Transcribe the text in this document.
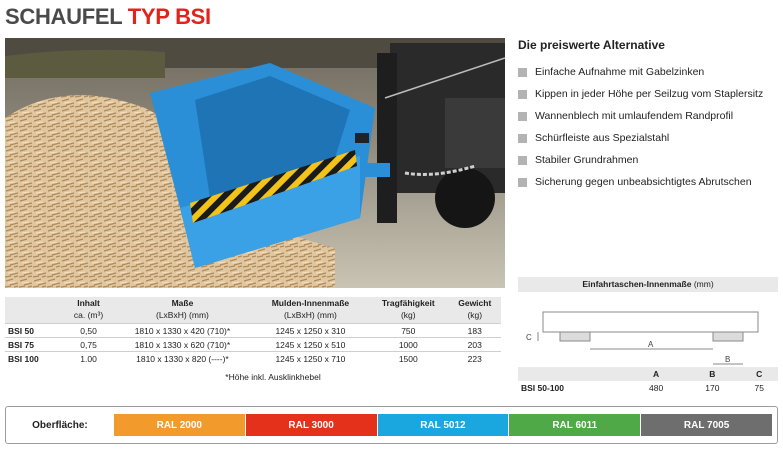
SCHAUFEL TYP BSI
Die preiswerte Alternative
Einfache Aufnahme mit Gabelzinken
Kippen in jeder Höhe per Seilzug vom Staplersitz
Wannenblech mit umlaufendem Randprofil
Schürfleiste aus Spezialstahl
Stabiler Grundrahmen
Sicherung gegen unbeabsichtigtes Abrutschen
	Inhalt	Maße	Mulden-Innenmaße	Tragfähigkeit	Gewicht
	ca. (m³)	(LxBxH) (mm)	(LxBxH) (mm)	(kg)	(kg)
BSI 50	0,50	1810 x 1330 x 420 (710)*	1245 x 1250 x 310	750	183
BSI 75	0,75	1810 x 1330 x 620 (710)*	1245 x 1250 x 510	1000	203
BSI 100	1.00	1810 x 1330 x 820 (----)*	1245 x 1250 x 710	1500	223
*Höhe inkl. Ausklinkhebel
Einfahrtaschen-Innenmaße (mm)
C
A
B
	A	B	C
BSI 50-100	480	170	75
Oberfläche:	RAL 2000	RAL 3000	RAL 5012	RAL 6011	RAL 7005
